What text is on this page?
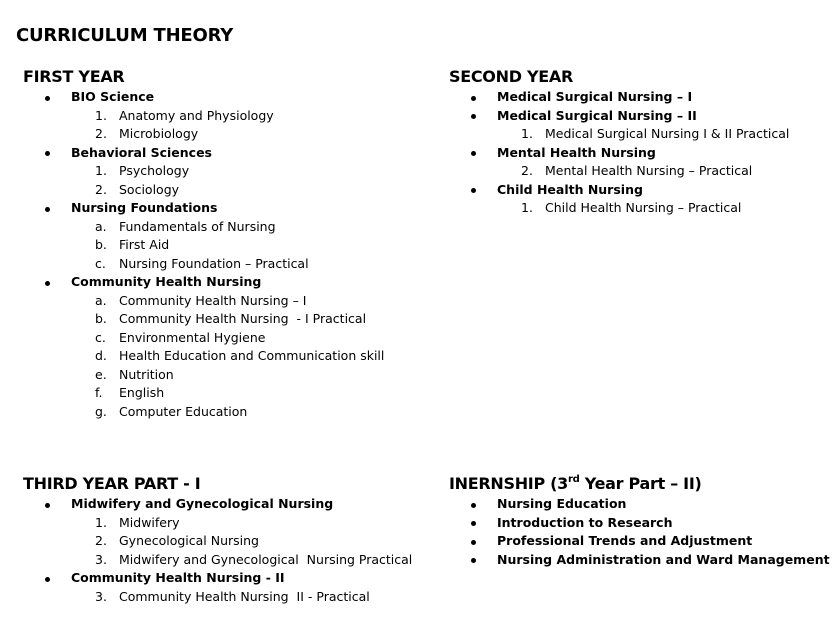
CURRICULUM THEORY
FIRST YEAR
BIO Science
1. Anatomy and Physiology
2. Microbiology
Behavioral Sciences
1. Psychology
2. Sociology
Nursing Foundations
a. Fundamentals of Nursing
b. First Aid
c. Nursing Foundation – Practical
Community Health Nursing
a. Community Health Nursing – I
b. Community Health Nursing  - I Practical
c. Environmental Hygiene
d. Health Education and Communication skill
e. Nutrition
f. English
g. Computer Education
SECOND YEAR
Medical Surgical Nursing – I
Medical Surgical Nursing – II
1. Medical Surgical Nursing I & II Practical
Mental Health Nursing
2. Mental Health Nursing – Practical
Child Health Nursing
1. Child Health Nursing – Practical
THIRD YEAR PART - I
Midwifery and Gynecological Nursing
1. Midwifery
2. Gynecological Nursing
3. Midwifery and Gynecological  Nursing Practical
Community Health Nursing - II
3. Community Health Nursing  II - Practical
INERNSHIP (3rd Year Part – II)
Nursing Education
Introduction to Research
Professional Trends and Adjustment
Nursing Administration and Ward Management
